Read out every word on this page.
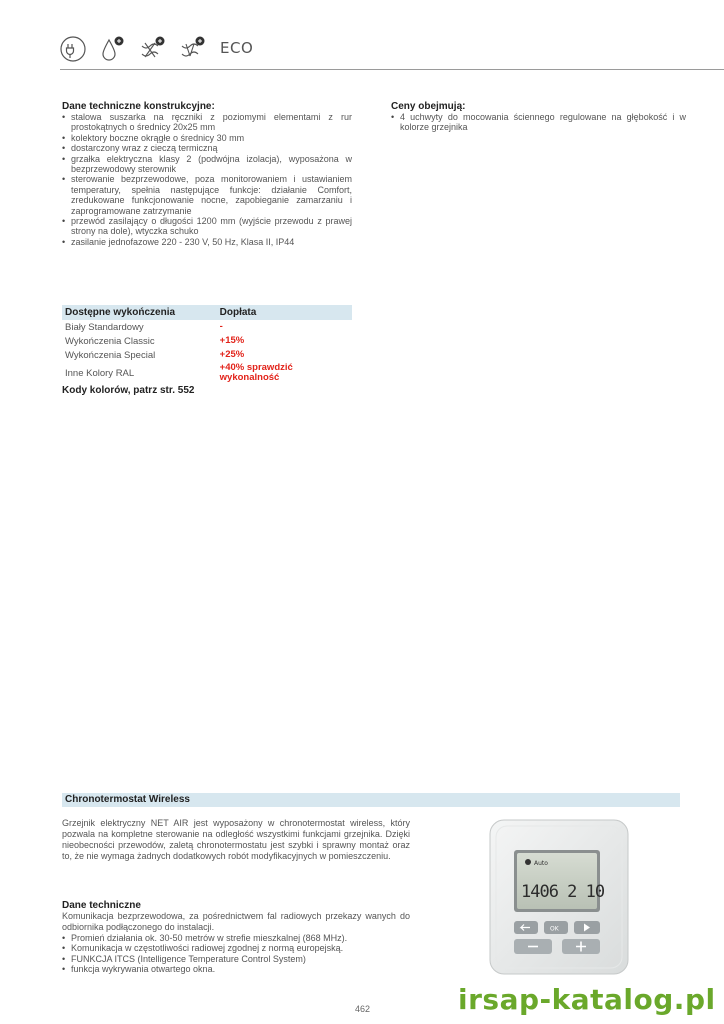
ECO
Dane techniczne konstrukcyjne:
• stalowa suszarka na ręczniki z poziomymi elementami z rur prostokątnych o średnicy 20x25 mm
• kolektory boczne okrągłe o średnicy 30 mm
• dostarczony wraz z cieczą termiczną
• grzałka elektryczna klasy 2 (podwójna izolacja), wyposażona w bezprzewodowy sterownik
• sterowanie bezprzewodowe, poza monitorowaniem i ustawianiem temperatury, spełnia następujące funkcje: działanie Comfort, zredukowane funkcjonowanie nocne, zapobieganie zamarzaniu i zaprogramowane zatrzymanie
• przewód zasilający o długości 1200 mm (wyjście przewodu z prawej strony na dole), wtyczka schuko
• zasilanie jednofazowe 220 - 230 V, 50 Hz, Klasa II, IP44
Ceny obejmują:
• 4 uchwyty do mocowania ściennego regulowane na głębokość i w kolorze grzejnika
Dostępne wykończenia	Dopłata
Biały Standardowy	-
Wykończenia Classic	+15%
Wykończenia Special	+25%
Inne Kolory RAL	+40% sprawdzić wykonalność
Kody kolorów, patrz str. 552
Chronotermostat Wireless

Grzejnik elektryczny NET AIR jest wyposażony w chronotermostat wireless, który pozwala na kompletne sterowanie na odległość wszystkimi funkcjami grzejnika. Dzięki nieobecności przewodów, zaletą chronotermostatu jest szybki i sprawny montaż oraz to, że nie wymaga żadnych dodatkowych robót modyfikacyjnych w pomieszczeniu.

Dane techniczne

Komunikacja bezprzewodowa, za pośrednictwem fal radiowych przekazy wanych do odbiornika podłączonego do instalacji.

• Promień działania ok. 30-50 metrów w strefie mieszkalnej (868 MHz).
• Komunikacja w częstotliwości radiowej zgodnej z normą europejską.
• FUNKCJA ITCS (Intelligence Temperature Control System)
• funkcja wykrywania otwartego okna.
Auto
1406 2 10
OK
462	irsap-katalog.pl
